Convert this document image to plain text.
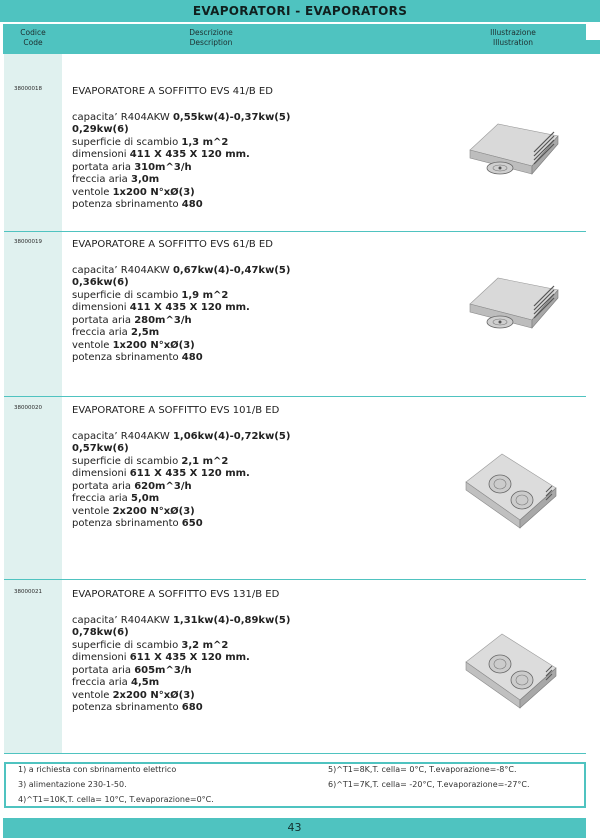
EVAPORATORI - EVAPORATORS
Codice
Code
Descrizione
Description
Illustrazione
Illustration
38000018	EVAPORATORE A SOFFITTO EVS 41/B ED
capacita’ R404AKW 0,55kw(4)-0,37kw(5)
0,29kw(6)
superficie di scambio 1,3 m^2
dimensioni 411 X 435 X 120 mm.
portata aria 310m^3/h
freccia aria 3,0m
ventole 1x200 N°xØ(3)
potenza sbrinamento 480
38000019	EVAPORATORE A SOFFITTO EVS 61/B ED
capacita’ R404AKW 0,67kw(4)-0,47kw(5)
0,36kw(6)
superficie di scambio 1,9 m^2
dimensioni 411 X 435 X 120 mm.
portata aria 280m^3/h
freccia aria 2,5m
ventole 1x200 N°xØ(3)
potenza sbrinamento 480
38000020	EVAPORATORE A SOFFITTO EVS 101/B ED
capacita’ R404AKW 1,06kw(4)-0,72kw(5)
0,57kw(6)
superficie di scambio 2,1 m^2
dimensioni 611 X 435 X 120 mm.
portata aria 620m^3/h
freccia aria 5,0m
ventole 2x200 N°xØ(3)
potenza sbrinamento 650
38000021	EVAPORATORE A SOFFITTO EVS 131/B ED
capacita’ R404AKW 1,31kw(4)-0,89kw(5)
0,78kw(6)
superficie di scambio 3,2 m^2
dimensioni 611 X 435 X 120 mm.
portata aria 605m^3/h
freccia aria 4,5m
ventole 2x200 N°xØ(3)
potenza sbrinamento 680
1) a richiesta con sbrinamento elettrico
3) alimentazione 230-1-50.
4)^T1=10K,T. cella= 10°C, T.evaporazione=0°C.
5)^T1=8K,T. cella= 0°C, T.evaporazione=-8°C.
6)^T1=7K,T. cella= -20°C, T.evaporazione=-27°C.
43
